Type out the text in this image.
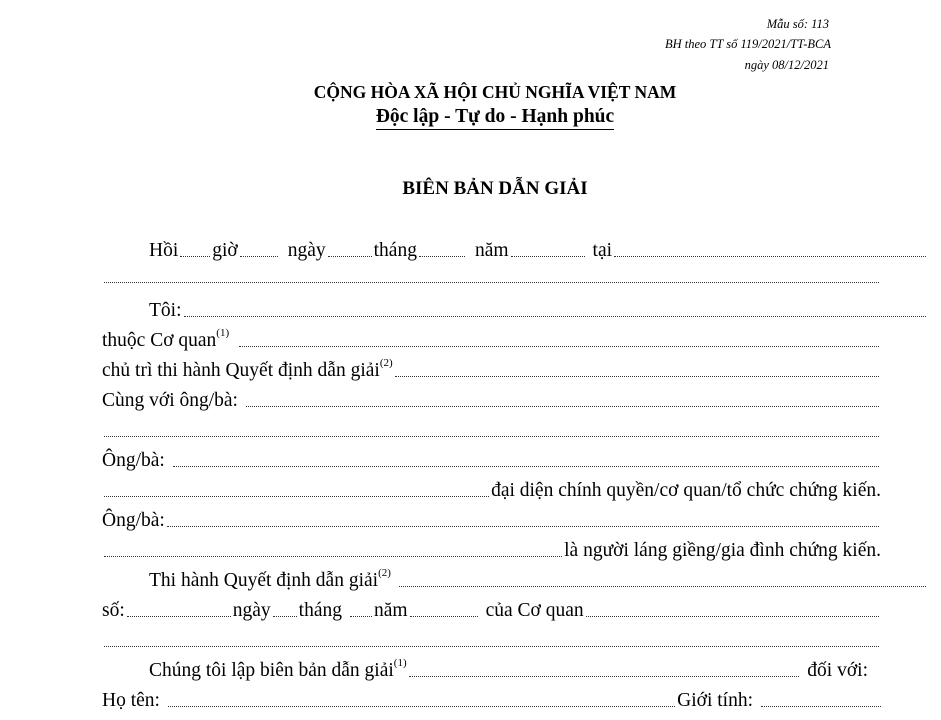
Mẫu số: 113
BH theo TT số 119/2021/TT-BCA
ngày 08/12/2021
CỘNG HÒA XÃ HỘI CHỦ NGHĨA VIỆT NAM
Độc lập - Tự do - Hạnh phúc
BIÊN BẢN DẪN GIẢI
Hồi giờ	ngày tháng	năm	tại
Tôi:
thuộc Cơ quan (1)
chủ trì thi hành Quyết định dẫn giải (2)
Cùng với ông/bà:
Ông/bà:
đại diện chính quyền/cơ quan/tổ chức chứng kiến.
Ông/bà:
là người láng giềng/gia đình chứng kiến.
Thi hành Quyết định dẫn giải (2)
số:	ngày tháng năm	của Cơ quan
Chúng tôi lập biên bản dẫn giải (1)	đối với:
Họ tên:	Giới tính:
